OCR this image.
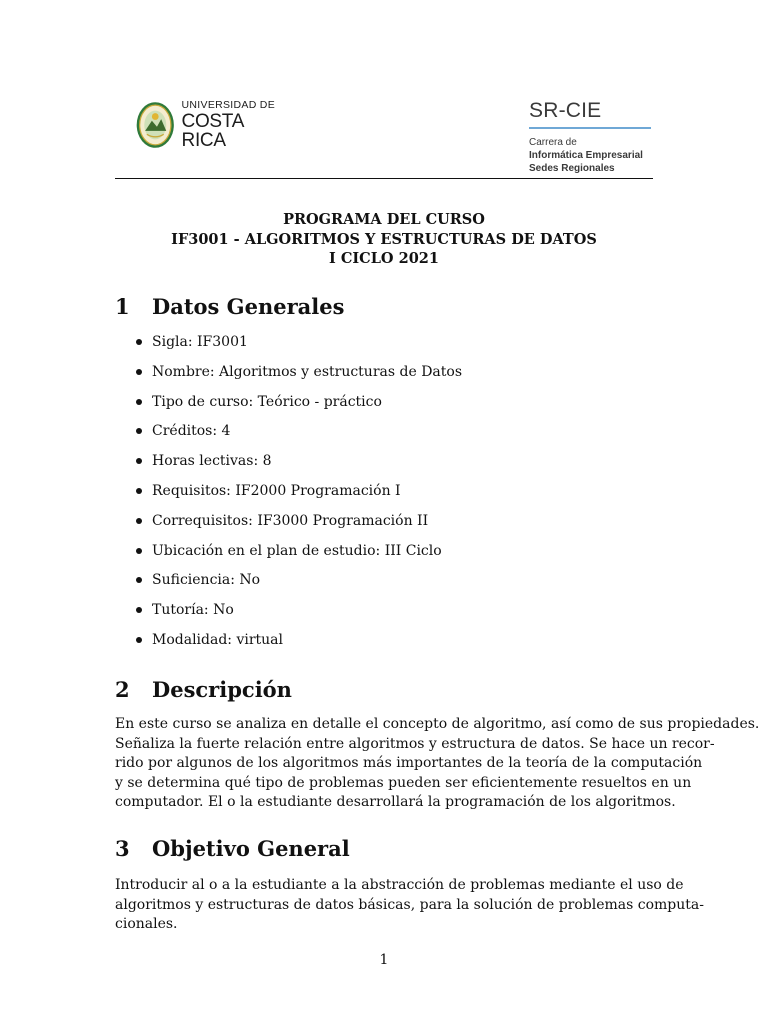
UNIVERSIDAD DE
COSTA RICA
SR-CIE
Carrera de
Informática Empresarial
Sedes Regionales
PROGRAMA DEL CURSO
IF3001 - ALGORITMOS Y ESTRUCTURAS DE DATOS
I CICLO 2021
1 Datos Generales
Sigla: IF3001
Nombre: Algoritmos y estructuras de Datos
Tipo de curso: Teórico - práctico
Créditos: 4
Horas lectivas: 8
Requisitos: IF2000 Programación I
Correquisitos: IF3000 Programación II
Ubicación en el plan de estudio: III Ciclo
Suficiencia: No
Tutoría: No
Modalidad: virtual
2 Descripción
En este curso se analiza en detalle el concepto de algoritmo, así como de sus propiedades.
Señaliza la fuerte relación entre algoritmos y estructura de datos. Se hace un recor-
rido por algunos de los algoritmos más importantes de la teoría de la computación
y se determina qué tipo de problemas pueden ser eficientemente resueltos en un
computador. El o la estudiante desarrollará la programación de los algoritmos.
3 Objetivo General
Introducir al o a la estudiante a la abstracción de problemas mediante el uso de
algoritmos y estructuras de datos básicas, para la solución de problemas computa-
cionales.
1
